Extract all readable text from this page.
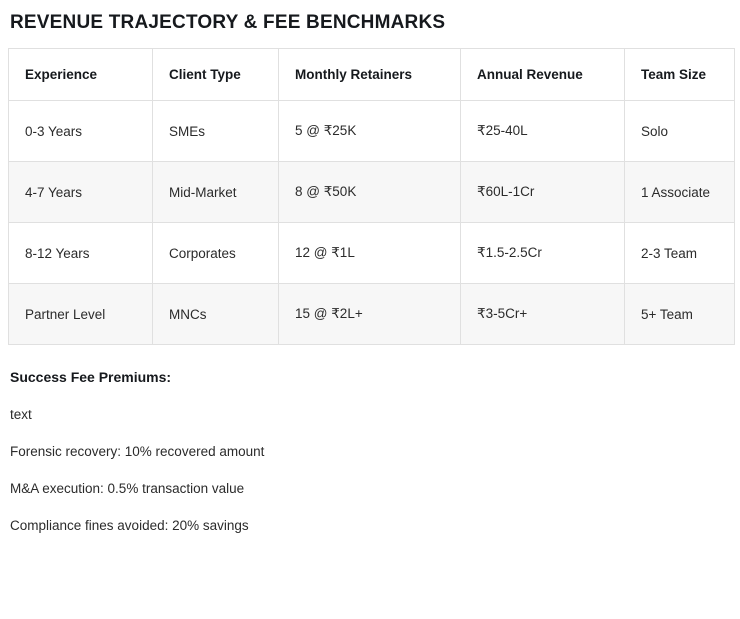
REVENUE TRAJECTORY & FEE BENCHMARKS
Experience	Client Type	Monthly Retainers	Annual Revenue	Team Size
0-3 Years	SMEs	5 @ ₹25K	₹25-40L	Solo
4-7 Years	Mid-Market	8 @ ₹50K	₹60L-1Cr	1 Associate
8-12 Years	Corporates	12 @ ₹1L	₹1.5-2.5Cr	2-3 Team
Partner Level	MNCs	15 @ ₹2L+	₹3-5Cr+	5+ Team
Success Fee Premiums:
text
Forensic recovery: 10% recovered amount
M&A execution: 0.5% transaction value
Compliance fines avoided: 20% savings
